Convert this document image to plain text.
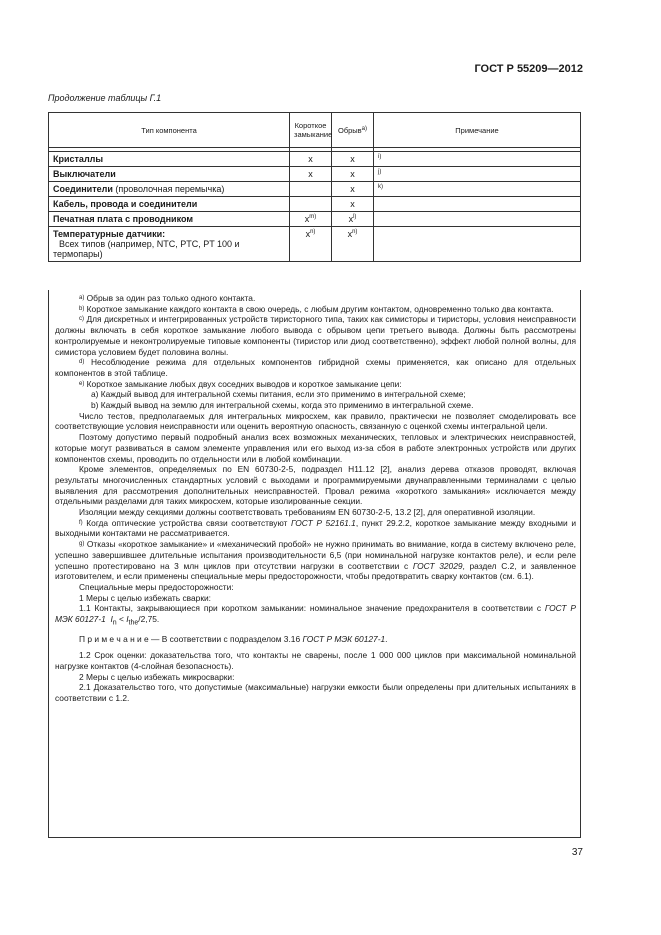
ГОСТ Р 55209—2012
Продолжение таблицы Г.1
Тип компонента	Короткое замыкание	Обрыв$^{а)}$	Примечание

Кристаллы	x	x	$^{i)}$
Выключатели	x	x	$^{j)}$
Соединители (проволочная перемычка)		x	$^{k)}$
Кабель, провода и соединители		x	
Печатная плата с проводником	$x^{m)}$	$x^{l)}$	
Температурные датчики:
Всех типов (например, NTC, PTC, PT 100 и термопары)	$x^{n)}$	$x^{n)}$	

$^{a)}$ Обрыв за один раз только одного контакта.

$^{b)}$ Короткое замыкание каждого контакта в свою очередь, с любым другим контактом, одновременно только два контакта.

$^{c)}$ Для дискретных и интегрированных устройств тиристорного типа, таких как симисторы и тиристоры, условия неисправности должны включать в себя короткое замыкание любого вывода с обрывом цепи третьего вывода. Должны быть рассмотрены контролируемые и неконтролируемые типовые компоненты (тиристор или диод соответственно), эффект любой полной волны, для симистора условием будет половина волны.

$^{d)}$ Несоблюдение режима для отдельных компонентов гибридной схемы применяется, как описано для отдельных компонентов в этой таблице.

$^{e)}$ Короткое замыкание любых двух соседних выводов и короткое замыкание цепи:

a) Каждый вывод для интегральной схемы питания, если это применимо в интегральной схеме;

b) Каждый вывод на землю для интегральной схемы, когда это применимо в интегральной схеме.

Число тестов, предполагаемых для интегральных микросхем, как правило, практически не позволяет смоделировать все соответствующие условия неисправности или оценить вероятную опасность, связанную с оценкой схемы интегральной цели.

Поэтому допустимо первый подробный анализ всех возможных механических, тепловых и электрических неисправностей, которые могут развиваться в самом элементе управления или его выход из-за сбоя в работе электронных устройств или других компонентов схемы, проводить по отдельности или в любой комбинации.

Кроме элементов, определяемых по EN 60730-2-5, подраздел H11.12 [2], анализ дерева отказов проводят, включая результаты многочисленных стандартных условий с выходами и программируемыми двунаправленными терминалами с целью выявления для рассмотрения дополнительных неисправностей. Провал режима «короткого замыкания» исключается между отдельными разделами для таких микросхем, которые изолированные секции.

Изоляции между секциями должны соответствовать требованиям EN 60730-2-5, 13.2 [2], для оперативной изоляции.

$^{f)}$ Когда оптические устройства связи соответствуют ГОСТ Р 52161.1, пункт 29.2.2, короткое замыкание между входными и выходными контактами не рассматривается.

$^{g)}$ Отказы «короткое замыкание» и «механический пробой» не нужно принимать во внимание, когда в систему включено реле, успешно завершившее длительные испытания производительности 6,5 (при номинальной нагрузке контактов реле), и если реле успешно протестировано на 3 млн циклов при отсутствии нагрузки в соответствии с ГОСТ 32029, раздел С.2, и заявленное изготовителем, и если применены специальные меры предосторожности, чтобы предотвратить сварку контактов (см. 6.1).

Специальные меры предосторожности:

1 Меры с целью избежать сварки:

1.1 Контакты, закрывающиеся при коротком замыкании: номинальное значение предохранителя в соответствии с ГОСТ Р МЭК 60127-1 $I_n < I_{the}/2,75$.

П р и м е ч а н и е — В соответствии с подразделом 3.16 ГОСТ Р МЭК 60127-1.

1.2 Срок оценки: доказательства того, что контакты не сварены, после 1 000 000 циклов при максимальной номинальной нагрузке контактов (4-слойная безопасность).

2 Меры с целью избежать микросварки:

2.1 Доказательство того, что допустимые (максимальные) нагрузки емкости были определены при длительных испытаниях в соответствии с 1.2.

37
